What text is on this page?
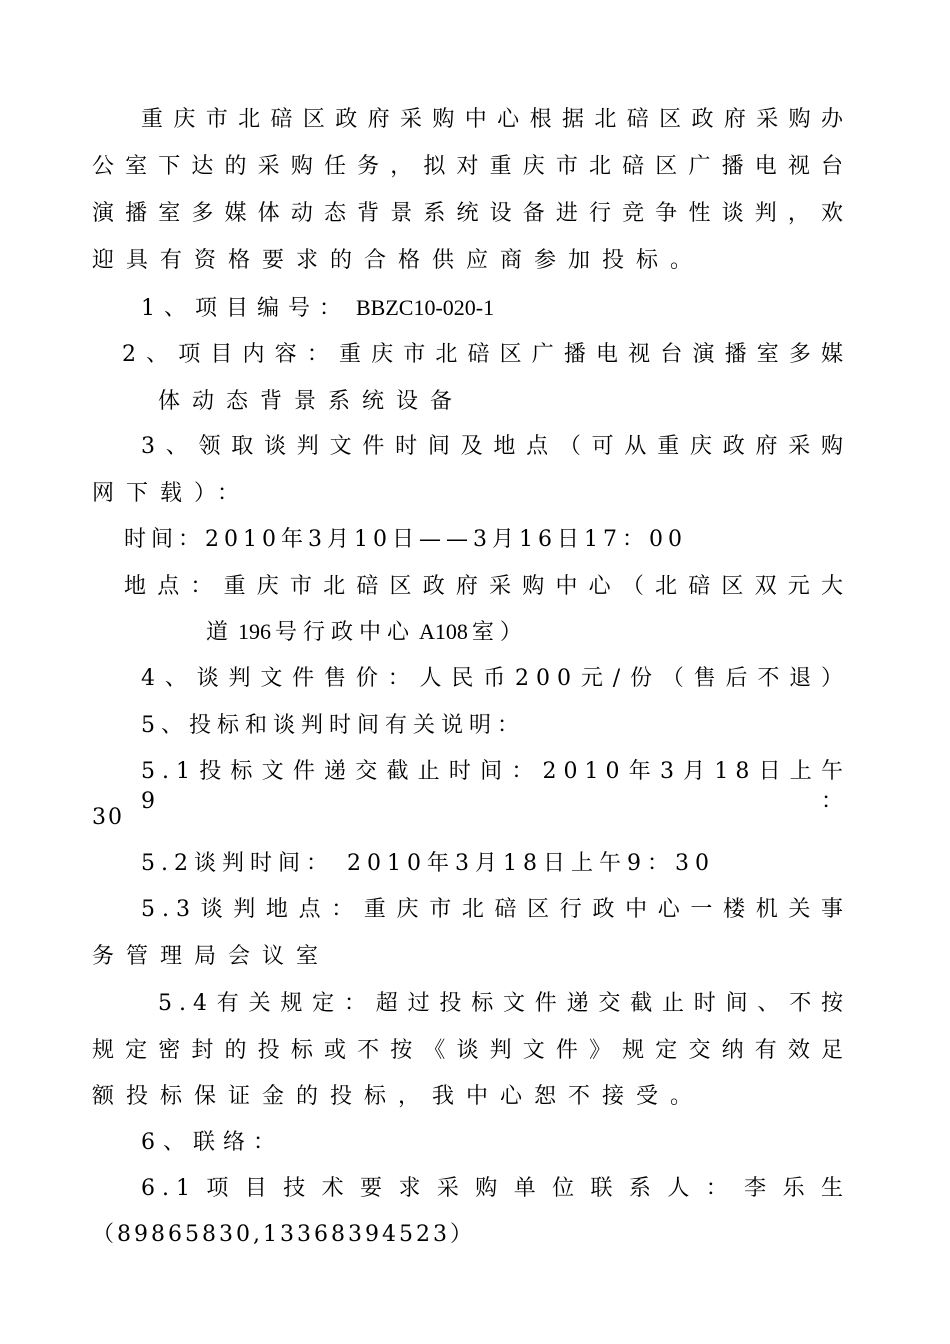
重庆市北碚区政府采购中心根据北碚区政府采购办

公室下达的采购任务，拟对重庆市北碚区广播电视台

演播室多媒体动态背景系统设备进行竞争性谈判，欢

迎具有资格要求的合格供应商参加投标。

1、项目编号： BBZC10-020-1

2、项目内容：重庆市北碚区广播电视台演播室多媒

体动态背景系统设备

3、领取谈判文件时间及地点（可从重庆政府采购

网下载）：

时间：2010年3月10日——3月16日17：00

地点：重庆市北碚区政府采购中心（北碚区双元大

道 196 号行政中心 A108 室）

4、谈判文件售价：人民币200元/份（售后不退）

5、投标和谈判时间有关说明：

5.1投标文件递交截止时间：2010年3月18日上午9：

30

5.2谈判时间： 2010年3月18日上午9：30

5.3谈判地点：重庆市北碚区行政中心一楼机关事

务管理局会议室

5.4有关规定：超过投标文件递交截止时间、不按

规定密封的投标或不按《谈判文件》规定交纳有效足

额投标保证金的投标，我中心恕不接受。

6、联络：

6.1项目技术要求采购单位联系人：李乐生

（89865830,13368394523）
